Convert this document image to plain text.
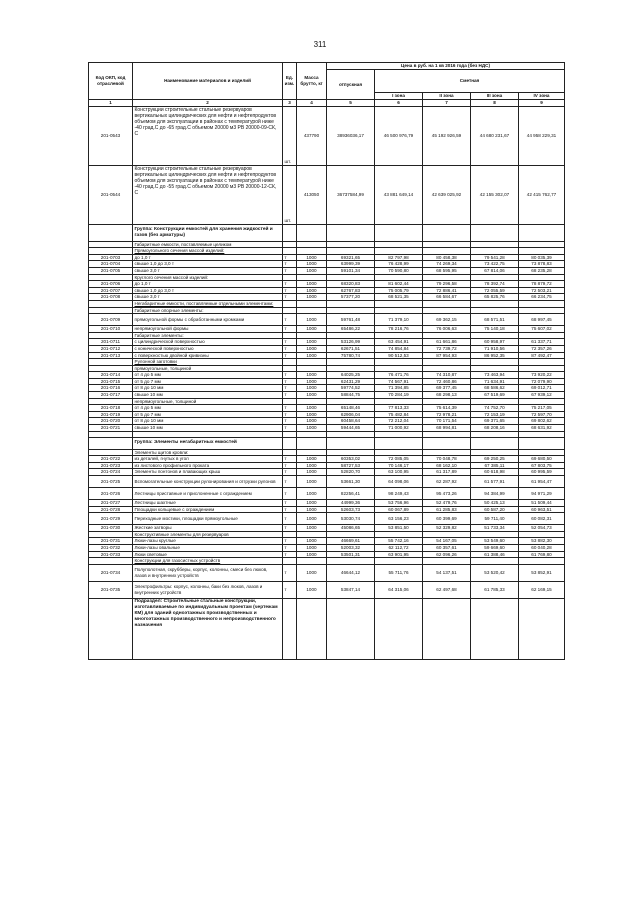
311
Код ОКП, код отраслевой	Наименование материалов и изделий	Ед. изм.	Масса брутто, кг	Цена в руб. на 1 кв 2016 года (без НДС)				
				отпускная	Сметная			
					I зона	II зона	III зона	IV зона
1	2	3	4	5	6	7	8	9
201-0543	Конструкции строительные стальные резервуаров вертикальных цилиндрических для нефти и нефтепродуктов объемом для эксплуатации в районах с температурой ниже -40 град.С до -65 град.С объемом 20000 м3 РВ 20000-09-СК, С	шт.	437790	38936036,17	46 500 976,79	45 192 926,59	44 680 231,67	44 958 229,31
201-0544	Конструкции строительные стальные резервуаров вертикальных цилиндрических для нефти и нефтепродуктов объемом для эксплуатации в районах с температурой ниже -40 град.С до -55 град.С объемом 20000 м3 РВ 20000-12-СК, С	шт.	413050	36737584,99	43 881 649,14	42 639 025,92	42 155 302,07	42 415 762,77
	Группа: Конструкции емкостей для хранения жидкостей и газов (без арматуры)							
	Габаритные емкости, поставляемые целиком							
	Прямоугольного сечения массой изделий:							
201-0703	до 1,0 т	т	1000	69321,65	82 797,98	80 458,38	79 541,28	80 035,39
201-0704	свыше 1,0 до 3,0 т	т	1000	63999,39	76 428,99	74 269,34	73 422,75	73 878,83
201-0705	свыше 3,0 т	т	1000	59101,34	70 590,80	68 595,95	67 814,06	68 235,28
	Круглого сечения массой изделий:							
201-0706	до 1,0 т	т	1000	68320,83	81 602,44	79 296,58	78 392,74	78 879,72
201-0707	свыше 1,0 до 3,0 т	т	1000	62767,83	75 005,79	72 886,41	72 055,59	72 503,21
201-0708	свыше 3,0 т	т	1000	57377,20	68 521,35	66 584,67	65 825,76	66 234,75
	Негабаритные емкости, поставляемые отдельными элементами:							
	Габаритные опорные элементы:							
201-0709	прямоугольной формы с обработанными кромками	т	1000	59761,48	71 379,10	69 362,15	68 571,51	68 997,45
201-0710	непрямоугольной формы	т	1000	65486,22	78 216,76	76 006,63	75 140,18	75 607,02
	Габаритные элементы:							
201-0711	с цилиндрической поверхностью	т	1000	53126,99	63 454,91	61 661,86	60 958,97	61 337,71
201-0712	с конической поверхностью	т	1000	62671,51	74 854,84	72 739,72	71 910,56	72 357,26
201-0713	с поверхностью двойной кривизны	т	1000	75780,74	90 512,53	87 954,93	86 952,35	87 492,47
	Рулонной заготовки							
	прямоугольные, толщиной							
201-0714	от 4 до 5 мм	т	1000	64025,25	76 471,76	74 310,87	73 463,94	73 920,22
201-0715	от 5 до 7 мм	т	1000	62431,29	74 567,91	72 460,86	71 634,91	72 079,90
201-0716	от 8 до 10 мм	т	1000	59774,52	71 394,85	69 377,45	68 586,62	69 012,71
201-0717	свыше 10 мм	т	1000	58844,75	70 284,19	68 298,13	67 519,69	67 939,12
	непрямоугольные, толщиной							
201-0718	от 4 до 5 мм	т	1000	65148,46	77 813,33	75 614,39	74 752,70	75 217,05
201-0719	от 5 до 7 мм	т	1000	62906,04	75 482,84	72 978,21	72 153,19	72 597,70
201-0720	от 8 до 10 мм	т	1000	60458,64	72 212,04	70 171,54	69 371,65	69 802,62
201-0721	свыше 10 мм	т	1000	59444,65	71 000,92	68 994,81	68 208,16	68 631,92

	Группа: Элементы негабаритных емкостей							
	Элементы щитов кровли:							
201-0722	из деталей, гнутых в угол	т	1000	60353,02	72 085,05	70 048,78	69 250,25	69 680,50
201-0723	из листового профильного проката	т	1000	58727,53	70 146,17	68 162,10	67 385,11	67 803,75
201-0724	Элементы понтонов и плавающих крыш	т	1000	52820,70	63 100,95	61 317,89	60 618,98	60 995,59
201-0725	Вспомогательные конструкции рулонирования и отгрузки рулонов	т	1000	53661,30	64 098,06	62 287,92	61 577,91	61 954,47
201-0726	Лестницы приставные и прислоненные с ограждением	т	1000	82256,41	98 249,43	95 473,26	94 384,99	94 971,29
201-0727	Лестницы шахтные	т	1000	44999,36	53 756,96	52 479,76	50 425,13	51 509,44
201-0728	Площадки кольцевые с ограждением	т	1000	52603,73	60 067,89	61 285,83	60 587,20	60 963,51
201-0729	Переходные мостики, площадки прямоугольные	т	1000	53030,74	63 156,23	60 399,69	59 711,40	60 082,31
201-0730	Жесткие затворы	т	1000	45086,65	53 851,50	52 329,82	51 733,34	52 054,73
	Конструктивные элементы для резервуаров							
201-0731	Люки-лазы круглые	т	1000	46669,61	55 742,16	54 167,05	53 549,60	53 882,30
201-0732	Люки-лазы овальные	т	1000	52003,32	62 112,72	60 357,61	59 669,60	60 040,28
201-0733	Люки световые	т	1000	53501,31	63 901,95	62 096,26	61 388,46	61 769,80
	Конструкции для газосистных устройств							
201-0734	Полуполотная, скрубберы, корпус, колонны, смеси без люков, лазов и внутренних устройств	т	1000	46644,12	55 711,76	54 137,51	53 520,42	53 852,91
201-0735	Электрофильтры: корпус, колонны, баки без люков, лазов и внутренних устройств	т	1000	53847,14	64 315,06	62 497,68	61 785,33	62 169,15
	Подраздел: Строительные стальные конструкции, изготавливаемые по индивидуальным проектам (чертежам КМ) для зданий одноэтажных производственных и многоэтажных производственного и непроизводственного назначения							
